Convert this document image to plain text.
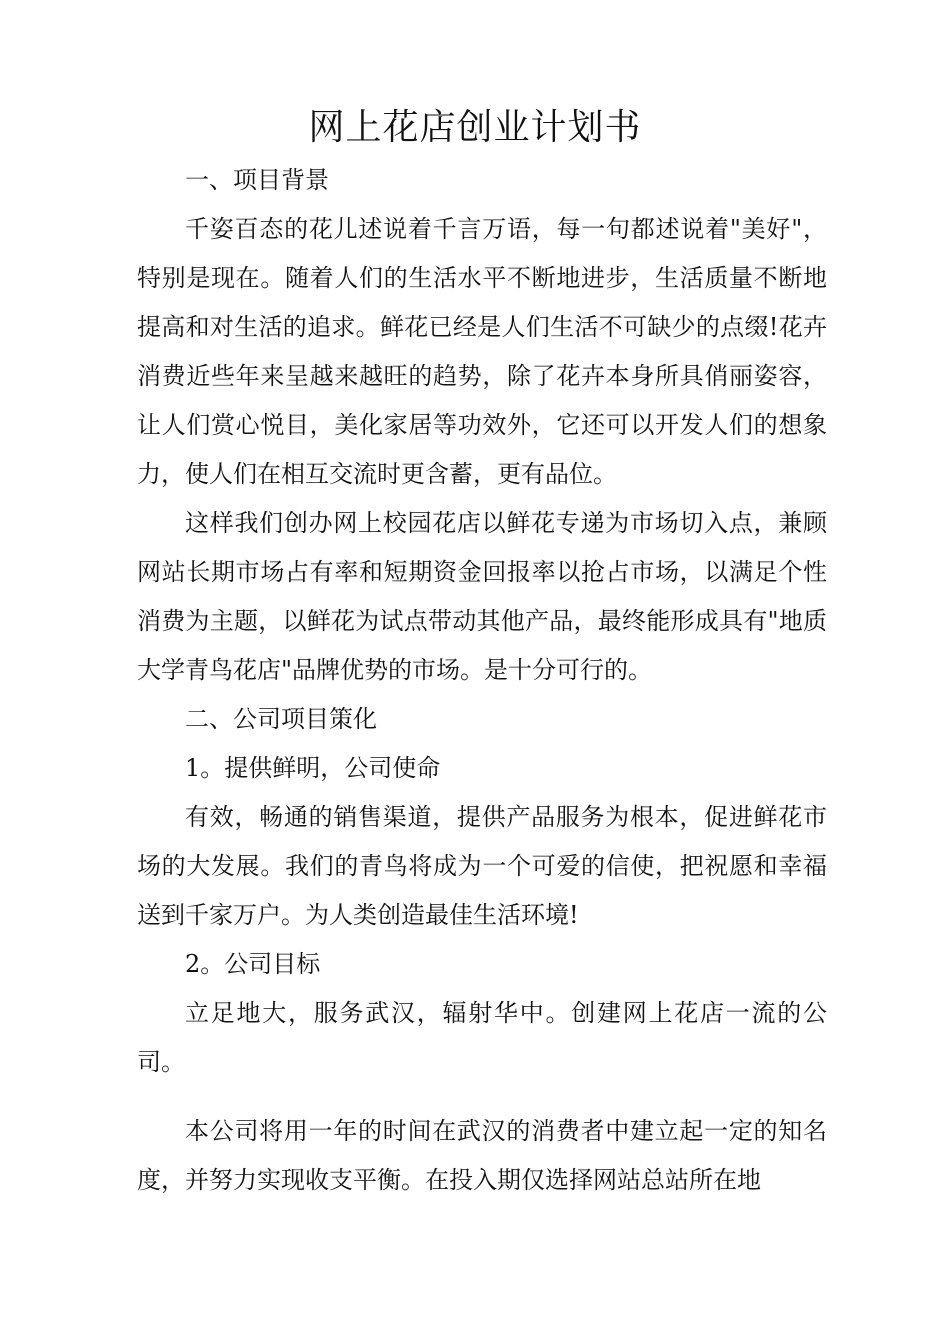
网上花店创业计划书

一、项目背景

千姿百态的花儿述说着千言万语，每一句都述说着"美好"，特别是现在。随着人们的生活水平不断地进步，生活质量不断地提高和对生活的追求。鲜花已经是人们生活不可缺少的点缀!花卉消费近些年来呈越来越旺的趋势，除了花卉本身所具俏丽姿容，让人们赏心悦目，美化家居等功效外，它还可以开发人们的想象力，使人们在相互交流时更含蓄，更有品位。

这样我们创办网上校园花店以鲜花专递为市场切入点，兼顾网站长期市场占有率和短期资金回报率以抢占市场，以满足个性消费为主题，以鲜花为试点带动其他产品，最终能形成具有"地质大学青鸟花店"品牌优势的市场。是十分可行的。

二、公司项目策化

1。提供鲜明，公司使命

有效，畅通的销售渠道，提供产品服务为根本，促进鲜花市场的大发展。我们的青鸟将成为一个可爱的信使，把祝愿和幸福送到千家万户。为人类创造最佳生活环境!

2。公司目标

立足地大，服务武汉，辐射华中。创建网上花店一流的公司。

本公司将用一年的时间在武汉的消费者中建立起一定的知名度，并努力实现收支平衡。在投入期仅选择网站总站所在地
